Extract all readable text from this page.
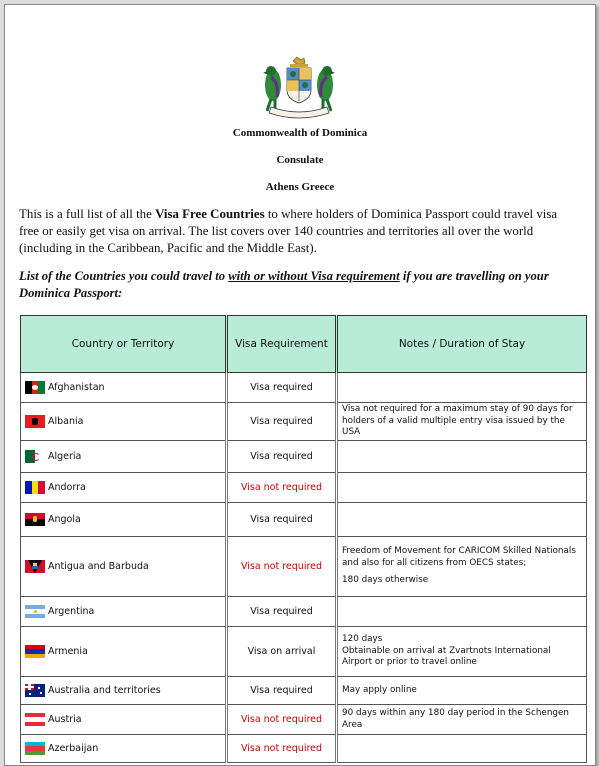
Commonwealth of Dominica
Consulate
Athens Greece

This is a full list of all the Visa Free Countries to where holders of Dominica Passport could travel visa free or easily get visa on arrival. The list covers over 140 countries and territories all over the world (including in the Caribbean, Pacific and the Middle East).

List of the Countries you could travel to with or without Visa requirement if you are travelling on your Dominica Passport:

Country or Territory	Visa Requirement	Notes / Duration of Stay

Afghanistan	Visa required	

Albania	Visa required	Visa not required for a maximum stay of 90 days for holders of a valid multiple entry visa issued by the USA

Algeria	Visa required	

Andorra	Visa not required	

Angola	Visa required	

Antigua and Barbuda	Visa not required	Freedom of Movement for CARICOM Skilled Nationals and also for all citizens from OECS states;

180 days otherwise

Argentina	Visa required	

Armenia	Visa on arrival	120 days

Obtainable on arrival at Zvartnots International Airport or prior to travel online

Australia and territories	Visa required	May apply online

Austria	Visa not required	90 days within any 180 day period in the Schengen Area

Azerbaijan	Visa not required	
